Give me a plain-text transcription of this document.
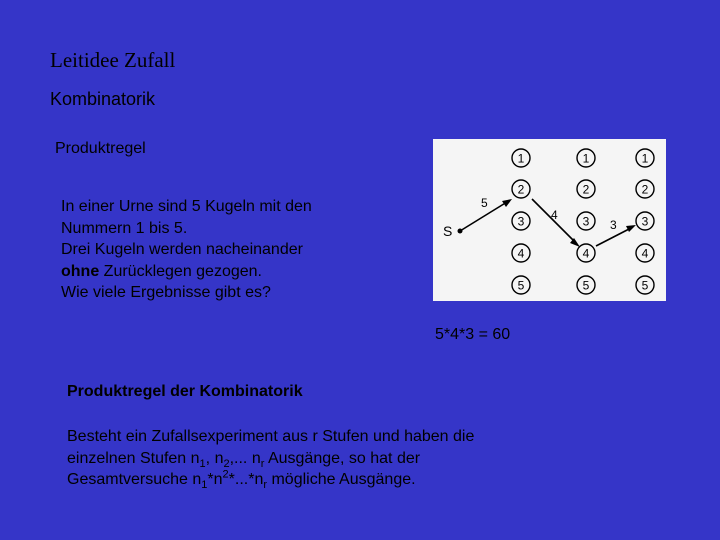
Leitidee Zufall
Kombinatorik
Produktregel
In einer Urne sind 5 Kugeln mit den
Nummern 1 bis 5.
Drei Kugeln werden nacheinander
ohne Zurücklegen gezogen.
Wie viele Ergebnisse gibt es?
S
5
4
3
1
2
3
4
5
1
2
3
4
5
1
2
3
4
5
5*4*3 = 60
Produktregel der Kombinatorik
Besteht ein Zufallsexperiment aus r Stufen und haben die
einzelnen Stufen $n_1$, $n_2$,... $n_r$ Ausgänge, so hat der
Gesamtversuche $n_1*n^2*...*n_r$ mögliche Ausgänge.
